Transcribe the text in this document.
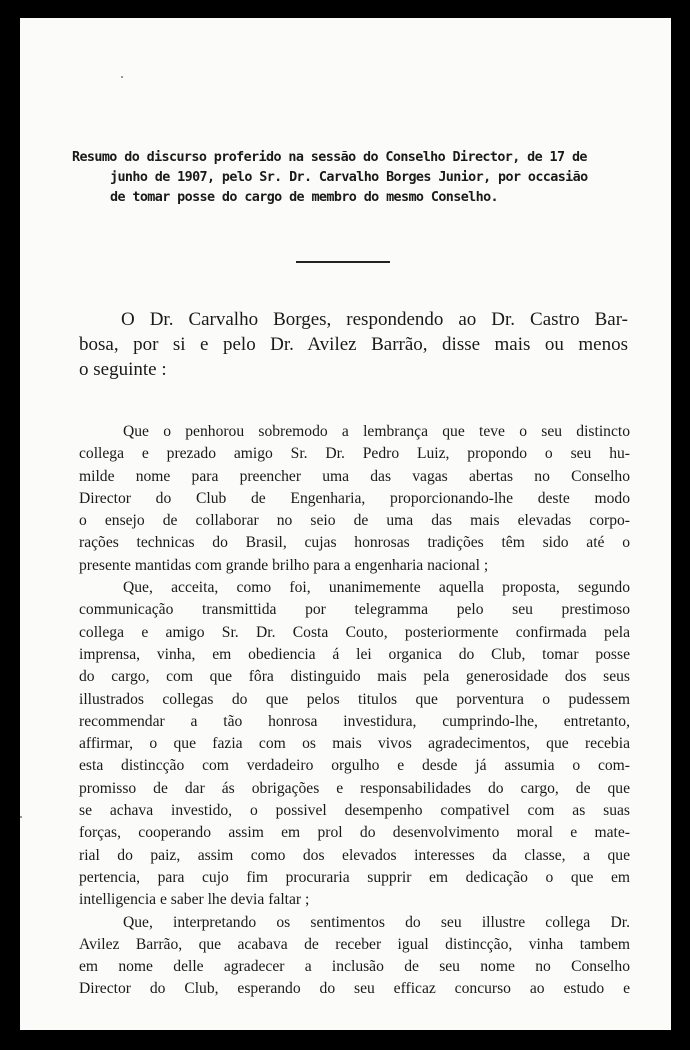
Resumo do discurso proferido na sessão do Conselho Director, de 17 de
junho de 1907, pelo Sr. Dr. Carvalho Borges Junior, por occasião
de tomar posse do cargo de membro do mesmo Conselho.
O Dr. Carvalho Borges, respondendo ao Dr. Castro Bar-
bosa, por si e pelo Dr. Avilez Barrão, disse mais ou menos
o seguinte :
Que o penhorou sobremodo a lembrança que teve o seu distincto
collega e prezado amigo Sr. Dr. Pedro Luiz, propondo o seu hu-
milde nome para preencher uma das vagas abertas no Conselho
Director do Club de Engenharia, proporcionando-lhe deste modo
o ensejo de collaborar no seio de uma das mais elevadas corpo-
rações technicas do Brasil, cujas honrosas tradições têm sido até o
presente mantidas com grande brilho para a engenharia nacional ;
Que, acceita, como foi, unanimemente aquella proposta, segundo
communicação transmittida por telegramma pelo seu prestimoso
collega e amigo Sr. Dr. Costa Couto, posteriormente confirmada pela
imprensa, vinha, em obediencia á lei organica do Club, tomar posse
do cargo, com que fôra distinguido mais pela generosidade dos seus
illustrados collegas do que pelos titulos que porventura o pudessem
recommendar a tão honrosa investidura, cumprindo-lhe, entretanto,
affirmar, o que fazia com os mais vivos agradecimentos, que recebia
esta distincção com verdadeiro orgulho e desde já assumia o com-
promisso de dar ás obrigações e responsabilidades do cargo, de que
se achava investido, o possivel desempenho compativel com as suas
forças, cooperando assim em prol do desenvolvimento moral e mate-
rial do paiz, assim como dos elevados interesses da classe, a que
pertencia, para cujo fim procuraria supprir em dedicação o que em
intelligencia e saber lhe devia faltar ;
Que, interpretando os sentimentos do seu illustre collega Dr.
Avilez Barrão, que acabava de receber igual distincção, vinha tambem
em nome delle agradecer a inclusão de seu nome no Conselho
Director do Club, esperando do seu efficaz concurso ao estudo e
